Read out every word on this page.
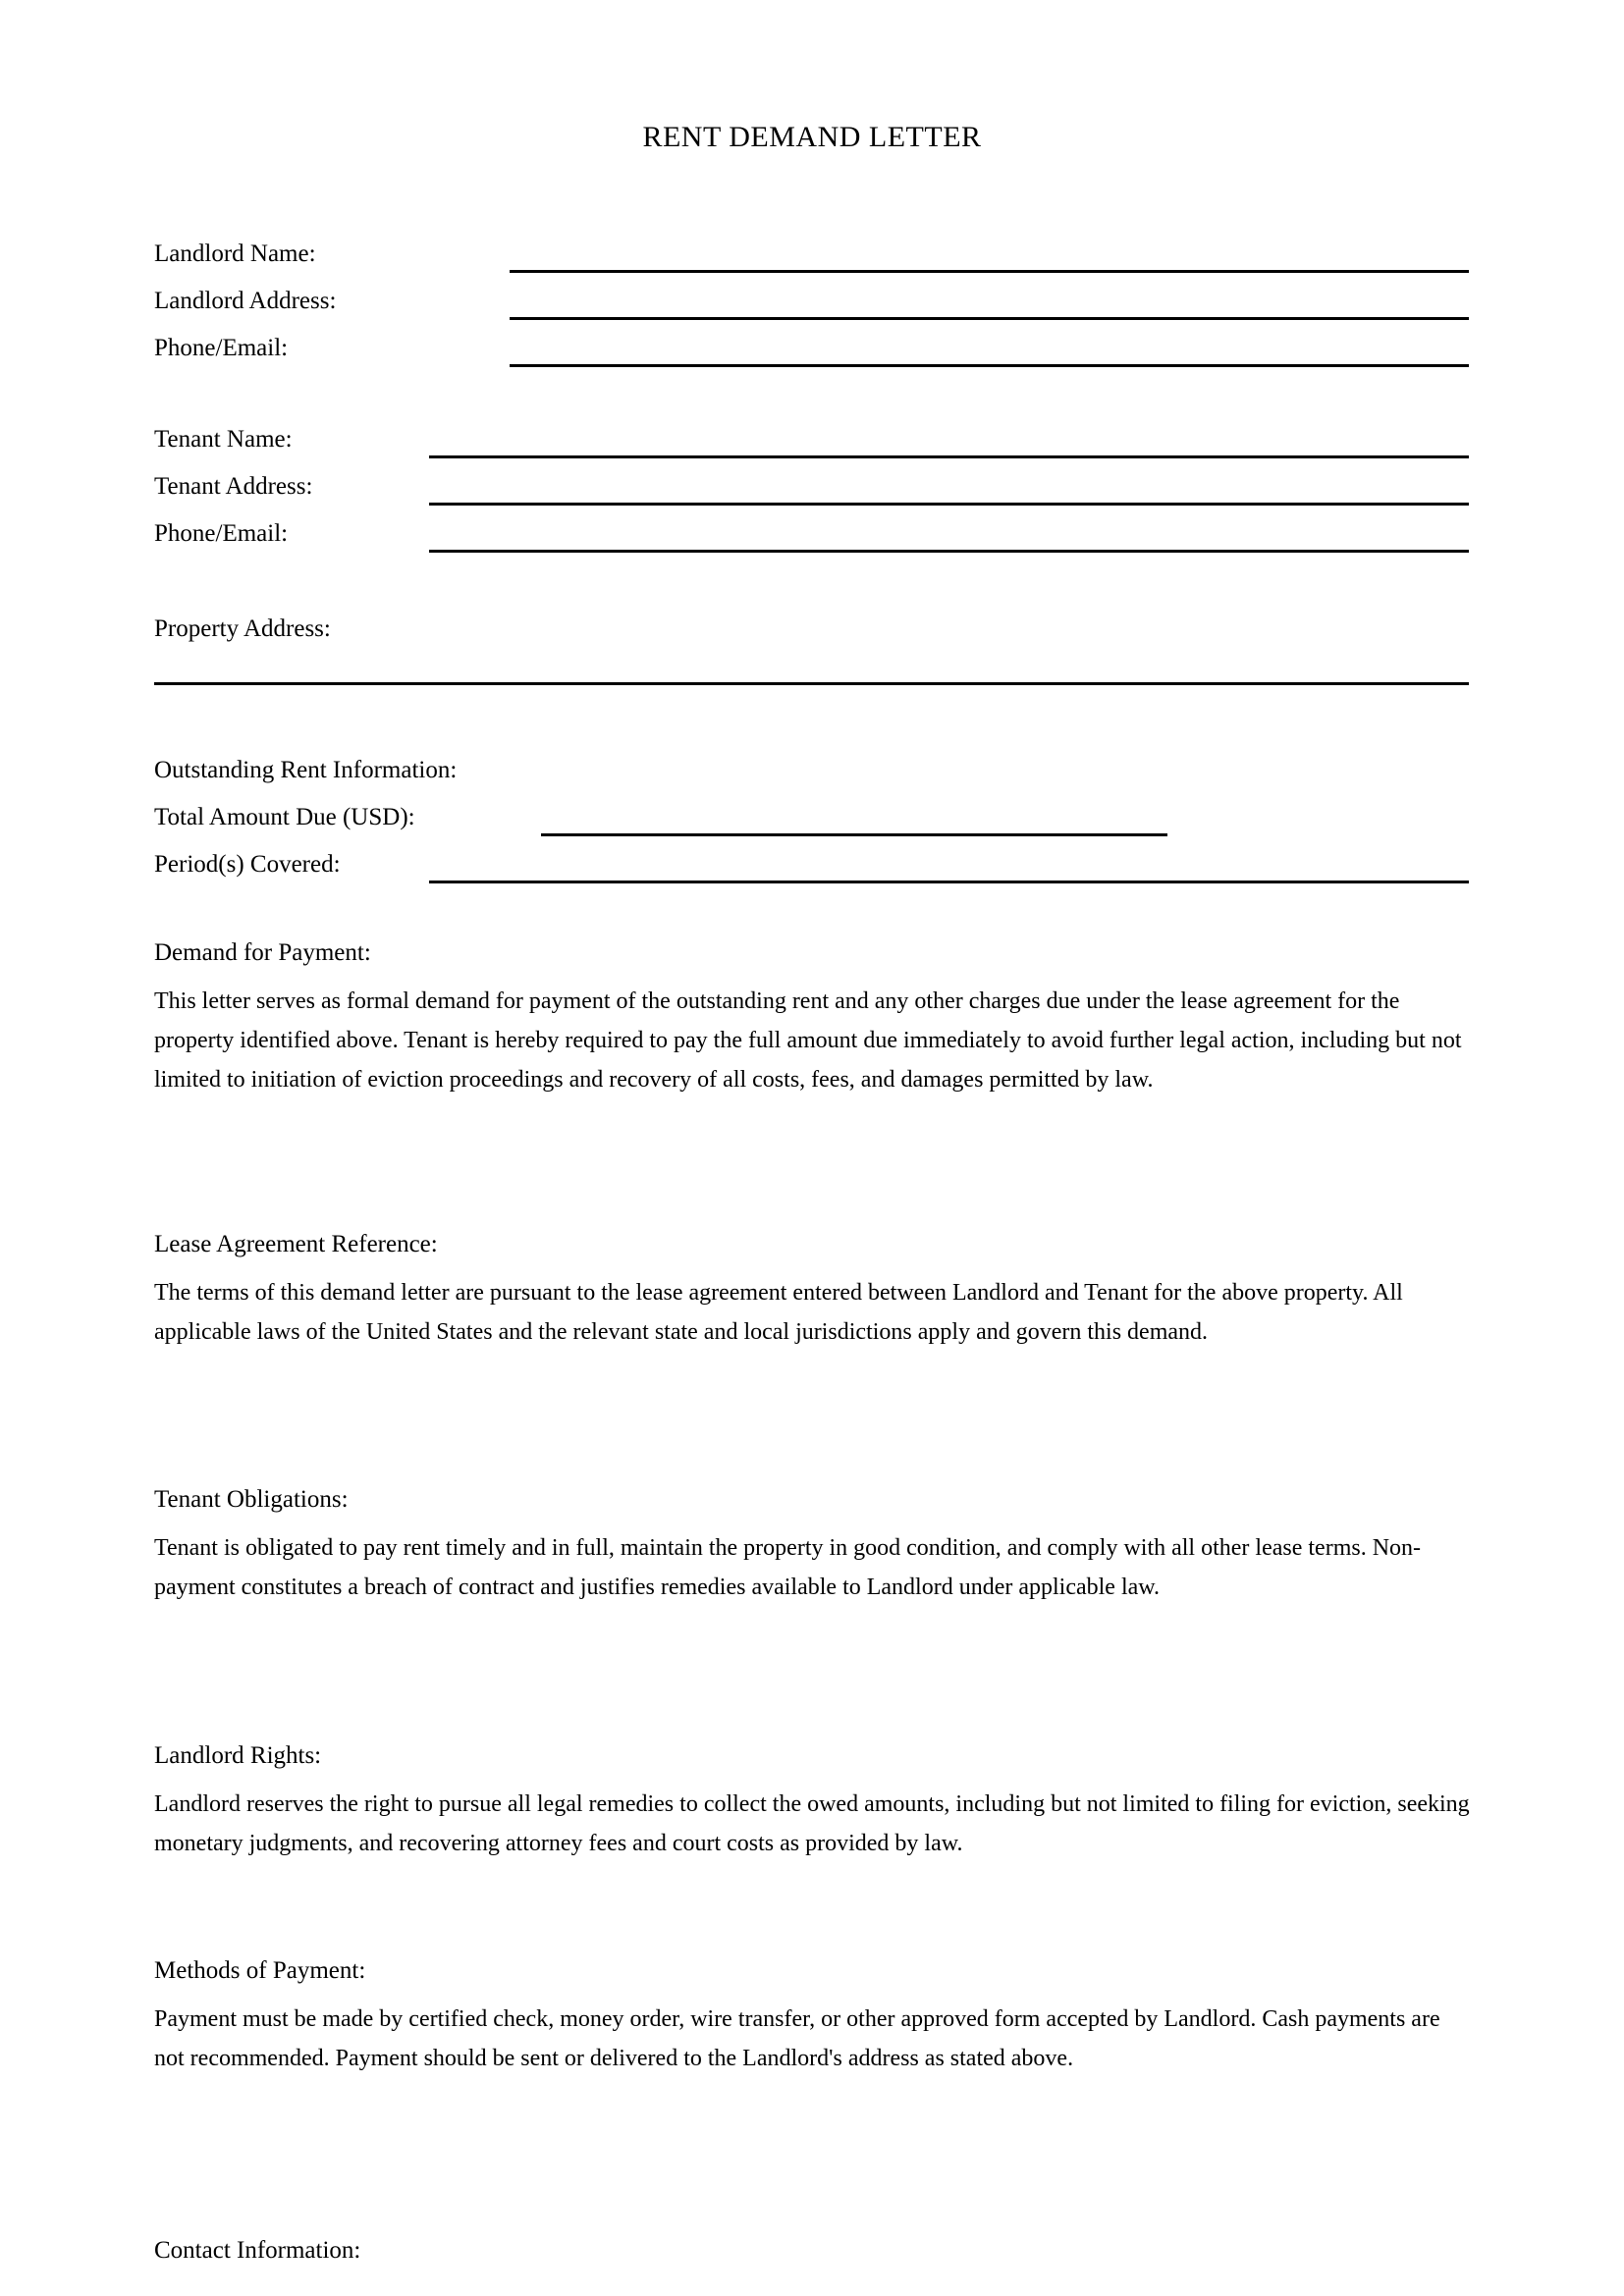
RENT DEMAND LETTER
Landlord Name:
Landlord Address:
Phone/Email:
Tenant Name:
Tenant Address:
Phone/Email:
Property Address:
Outstanding Rent Information:
Total Amount Due (USD):
Period(s) Covered:
Demand for Payment:
This letter serves as formal demand for payment of the outstanding rent and any other charges due under the lease agreement for the property identified above. Tenant is hereby required to pay the full amount due immediately to avoid further legal action, including but not limited to initiation of eviction proceedings and recovery of all costs, fees, and damages permitted by law.
Lease Agreement Reference:
The terms of this demand letter are pursuant to the lease agreement entered between Landlord and Tenant for the above property. All applicable laws of the United States and the relevant state and local jurisdictions apply and govern this demand.
Tenant Obligations:
Tenant is obligated to pay rent timely and in full, maintain the property in good condition, and comply with all other lease terms. Non-payment constitutes a breach of contract and justifies remedies available to Landlord under applicable law.
Landlord Rights:
Landlord reserves the right to pursue all legal remedies to collect the owed amounts, including but not limited to filing for eviction, seeking monetary judgments, and recovering attorney fees and court costs as provided by law.
Methods of Payment:
Payment must be made by certified check, money order, wire transfer, or other approved form accepted by Landlord. Cash payments are not recommended. Payment should be sent or delivered to the Landlord's address as stated above.
Contact Information:
